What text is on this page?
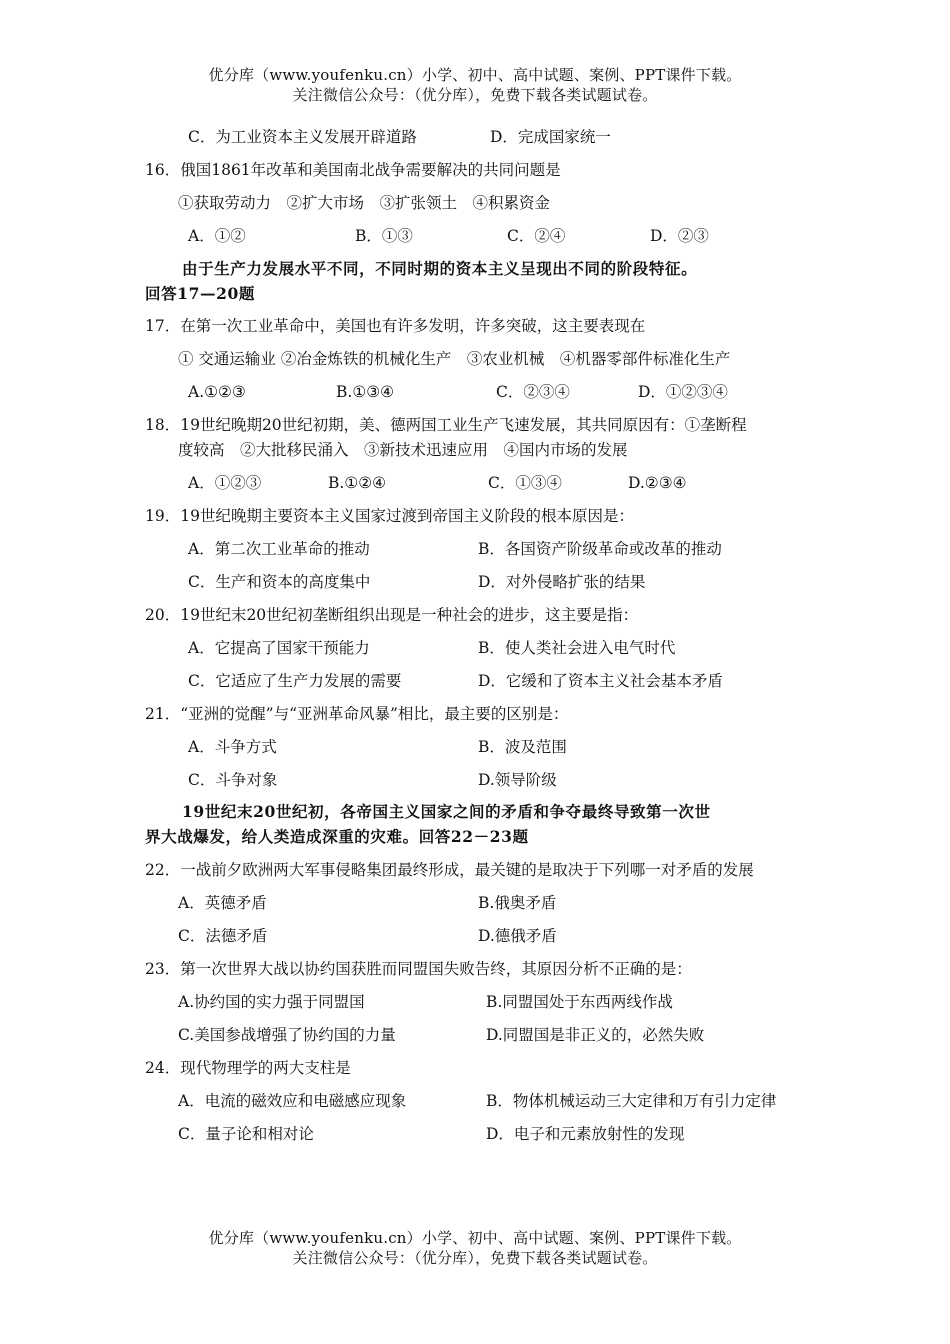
优分库（www.youfenku.cn）小学、初中、高中试题、案例、PPT课件下载。
关注微信公众号：（优分库），免费下载各类试题试卷。
C．为工业资本主义发展开辟道路	D．完成国家统一
16．俄国1861年改革和美国南北战争需要解决的共同问题是
①获取劳动力　②扩大市场　③扩张领土　④积累资金
A．①②	B．①③	C．②④	D．②③
由于生产力发展水平不同，不同时期的资本主义呈现出不同的阶段特征。
回答17—20题
17．在第一次工业革命中，美国也有许多发明，许多突破，这主要表现在
① 交通运输业 ②冶金炼铁的机械化生产　③农业机械　④机器零部件标准化生产
A.①②③	B.①③④	C．②③④	D．①②③④
18．19世纪晚期20世纪初期，美、德两国工业生产飞速发展，其共同原因有：①垄断程
度较高　②大批移民涌入　③新技术迅速应用　④国内市场的发展
A．①②③	B.①②④	C．①③④	D.②③④
19．19世纪晚期主要资本主义国家过渡到帝国主义阶段的根本原因是：
A．第二次工业革命的推动	B．各国资产阶级革命或改革的推动
C．生产和资本的高度集中	D．对外侵略扩张的结果
20．19世纪末20世纪初垄断组织出现是一种社会的进步，这主要是指：
A．它提高了国家干预能力	B．使人类社会进入电气时代
C．它适应了生产力发展的需要	D．它缓和了资本主义社会基本矛盾
21．“亚洲的觉醒”与“亚洲革命风暴”相比，最主要的区别是：
A．斗争方式	B．波及范围
C．斗争对象	D.领导阶级
19世纪末20世纪初，各帝国主义国家之间的矛盾和争夺最终导致第一次世
界大战爆发，给人类造成深重的灾难。回答22－23题
22．一战前夕欧洲两大军事侵略集团最终形成，最关键的是取决于下列哪一对矛盾的发展
A．英德矛盾	B.俄奥矛盾
C．法德矛盾	D.德俄矛盾
23．第一次世界大战以协约国获胜而同盟国失败告终，其原因分析不正确的是：
A.协约国的实力强于同盟国	B.同盟国处于东西两线作战
C.美国参战增强了协约国的力量	D.同盟国是非正义的，必然失败
24．现代物理学的两大支柱是
A．电流的磁效应和电磁感应现象	B．物体机械运动三大定律和万有引力定律
C．量子论和相对论	D．电子和元素放射性的发现
优分库（www.youfenku.cn）小学、初中、高中试题、案例、PPT课件下载。
关注微信公众号：（优分库），免费下载各类试题试卷。
